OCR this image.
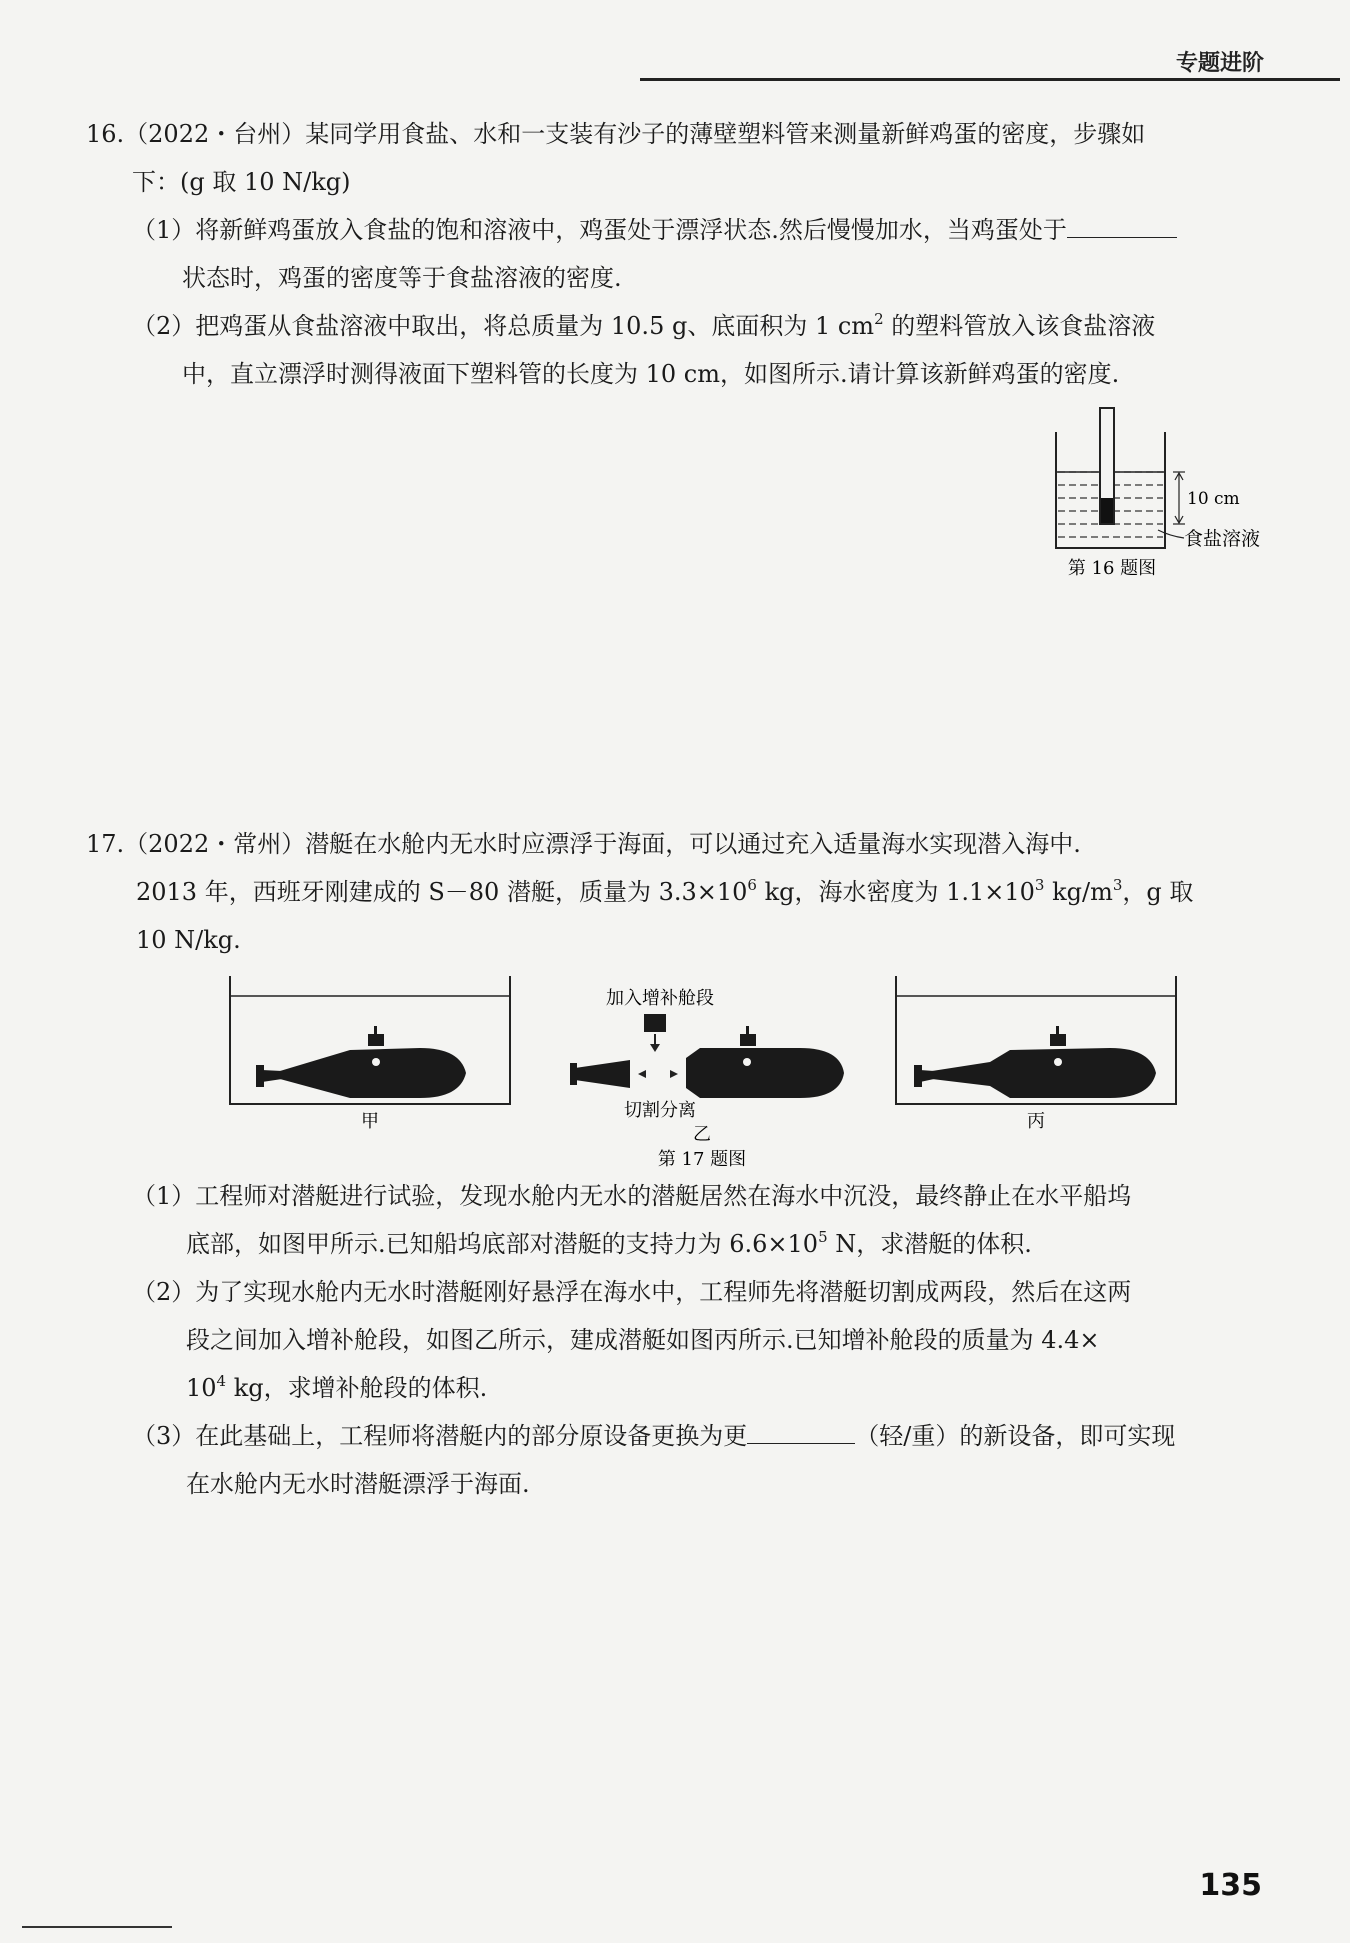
专题进阶

16.（2022・台州）某同学用食盐、水和一支装有沙子的薄壁塑料管来测量新鲜鸡蛋的密度，步骤如

下：(g 取 10 N/kg)

（1）将新鲜鸡蛋放入食盐的饱和溶液中，鸡蛋处于漂浮状态.然后慢慢加水，当鸡蛋处于

状态时，鸡蛋的密度等于食盐溶液的密度.

（2）把鸡蛋从食盐溶液中取出，将总质量为 10.5 g、底面积为 1 $cm^2$ 的塑料管放入该食盐溶液

中，直立漂浮时测得液面下塑料管的长度为 10 cm，如图所示.请计算该新鲜鸡蛋的密度.

10 cm
食盐溶液
第 16 题图

17.（2022・常州）潜艇在水舱内无水时应漂浮于海面，可以通过充入适量海水实现潜入海中.

2013 年，西班牙刚建成的 S－80 潜艇，质量为 $3.3\times 10^6$ kg，海水密度为 $1.1\times 10^3$ $kg/m^3$，g 取

10 N/kg.

甲
加入增补舱段
切割分离
乙
第 17 题图
丙

（1）工程师对潜艇进行试验，发现水舱内无水的潜艇居然在海水中沉没，最终静止在水平船坞

底部，如图甲所示.已知船坞底部对潜艇的支持力为 $6.6\times 10^5$ N，求潜艇的体积.

（2）为了实现水舱内无水时潜艇刚好悬浮在海水中，工程师先将潜艇切割成两段，然后在这两

段之间加入增补舱段，如图乙所示，建成潜艇如图丙所示.已知增补舱段的质量为 4.4×

$10^4$ kg，求增补舱段的体积.

（3）在此基础上，工程师将潜艇内的部分原设备更换为更	（轻/重）的新设备，即可实现

在水舱内无水时潜艇漂浮于海面.

135
